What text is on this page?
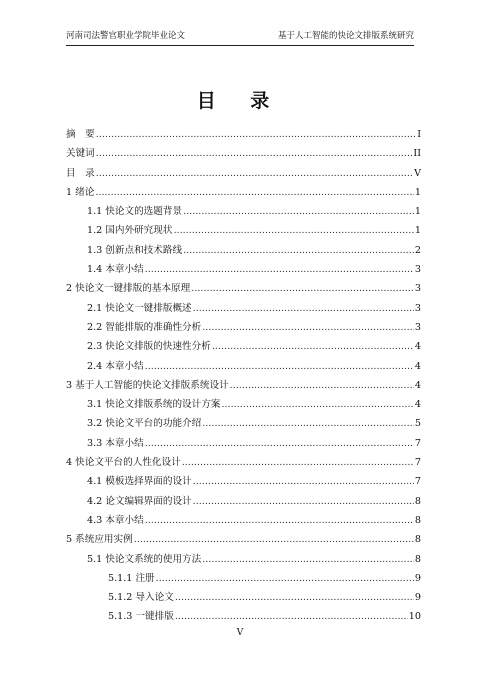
河南司法警官职业学院毕业论文	基于人工智能的快论文排版系统研究
目 录
摘　要 .....	I
关键词 .....	II
目　录 .....	V
1 绪论 .....	1
1.1 快论文的选题背景 .....	1
1.2 国内外研究现状 .....	1
1.3 创新点和技术路线 .....	2
1.4 本章小结 .....	3
2 快论文一键排版的基本原理 .....	3
2.1 快论文一键排版概述 .....	3
2.2 智能排版的准确性分析 .....	3
2.3 快论文排版的快速性分析 .....	4
2.4 本章小结 .....	4
3 基于人工智能的快论文排版系统设计 .....	4
3.1 快论文排版系统的设计方案 .....	4
3.2 快论文平台的功能介绍 .....	5
3.3 本章小结 .....	7
4 快论文平台的人性化设计 .....	7
4.1 模板选择界面的设计 .....	7
4.2 论文编辑界面的设计 .....	8
4.3 本章小结 .....	8
5 系统应用实例 .....	8
5.1 快论文系统的使用方法 .....	8
5.1.1 注册 .....	9
5.1.2 导入论文 .....	9
5.1.3 一键排版 .....	10
V
